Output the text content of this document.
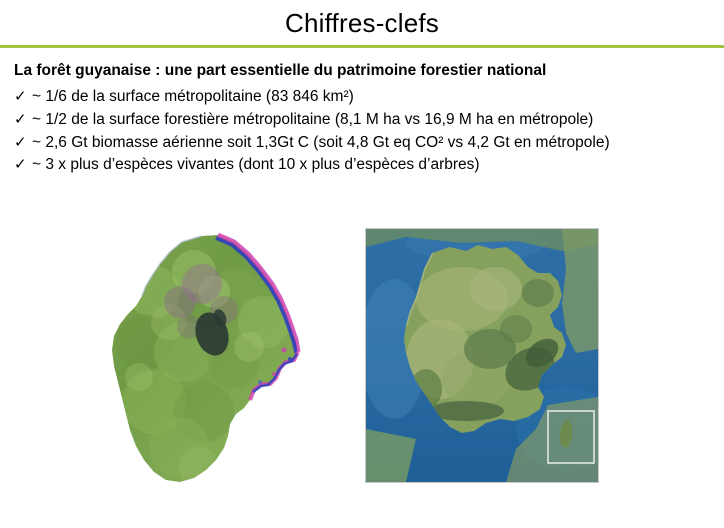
Chiffres-clefs
La forêt guyanaise : une part essentielle du patrimoine forestier national
✓ ~ 1/6 de la surface métropolitaine (83 846 km²)
✓ ~ 1/2 de la surface forestière métropolitaine (8,1 M ha vs 16,9 M ha en métropole)
✓ ~ 2,6 Gt biomasse aérienne soit 1,3Gt C (soit 4,8 Gt eq CO² vs 4,2 Gt en métropole)
✓ ~ 3 x plus d’espèces vivantes (dont 10 x plus d’espèces d’arbres)
